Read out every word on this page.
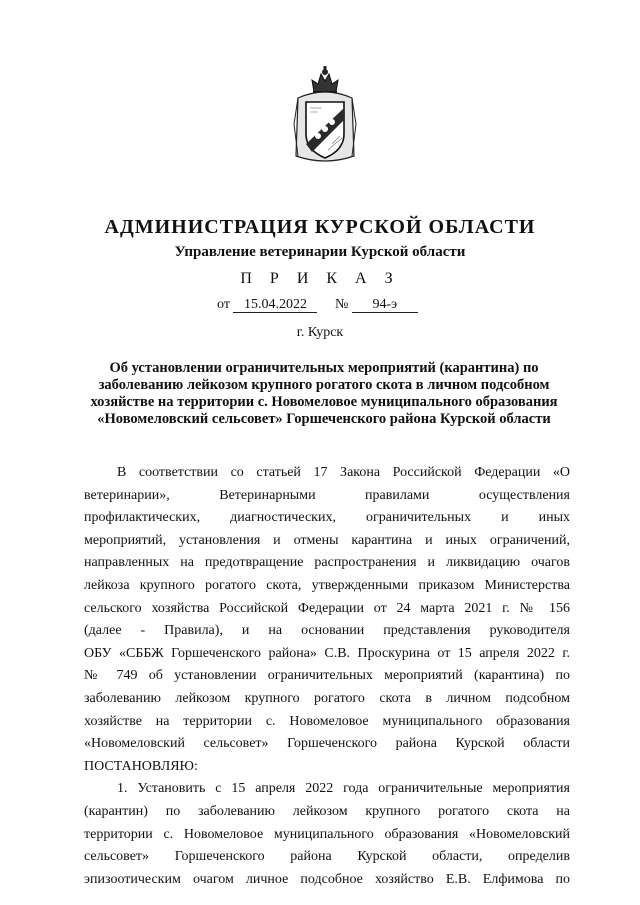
АДМИНИСТРАЦИЯ КУРСКОЙ ОБЛАСТИ
Управление ветеринарии Курской области
П Р И К А З
от 15.04.2022 № 94-э
г. Курск
Об установлении ограничительных мероприятий (карантина) по
заболеванию лейкозом крупного рогатого скота в личном подсобном
хозяйстве на территории с. Новомеловое муниципального образования
«Новомеловский сельсовет» Горшеченского района Курской области
В соответствии со статьей 17 Закона Российской Федерации «О
ветеринарии», Ветеринарными правилами осуществления
профилактических, диагностических, ограничительных и иных
мероприятий, установления и отмены карантина и иных ограничений,
направленных на предотвращение распространения и ликвидацию очагов
лейкоза крупного рогатого скота, утвержденными приказом Министерства
сельского хозяйства Российской Федерации от 24 марта 2021 г. № 156
(далее - Правила), и на основании представления руководителя
ОБУ «СББЖ Горшеченского района» С.В. Проскурина от 15 апреля 2022 г.
№ 749 об установлении ограничительных мероприятий (карантина) по
заболеванию лейкозом крупного рогатого скота в личном подсобном
хозяйстве на территории с. Новомеловое муниципального образования
«Новомеловский сельсовет» Горшеченского района Курской области
ПОСТАНОВЛЯЮ:
1. Установить с 15 апреля 2022 года ограничительные мероприятия
(карантин) по заболеванию лейкозом крупного рогатого скота на
территории с. Новомеловое муниципального образования «Новомеловский
сельсовет» Горшеченского района Курской области, определив
эпизоотическим очагом личное подсобное хозяйство Е.В. Елфимова по
